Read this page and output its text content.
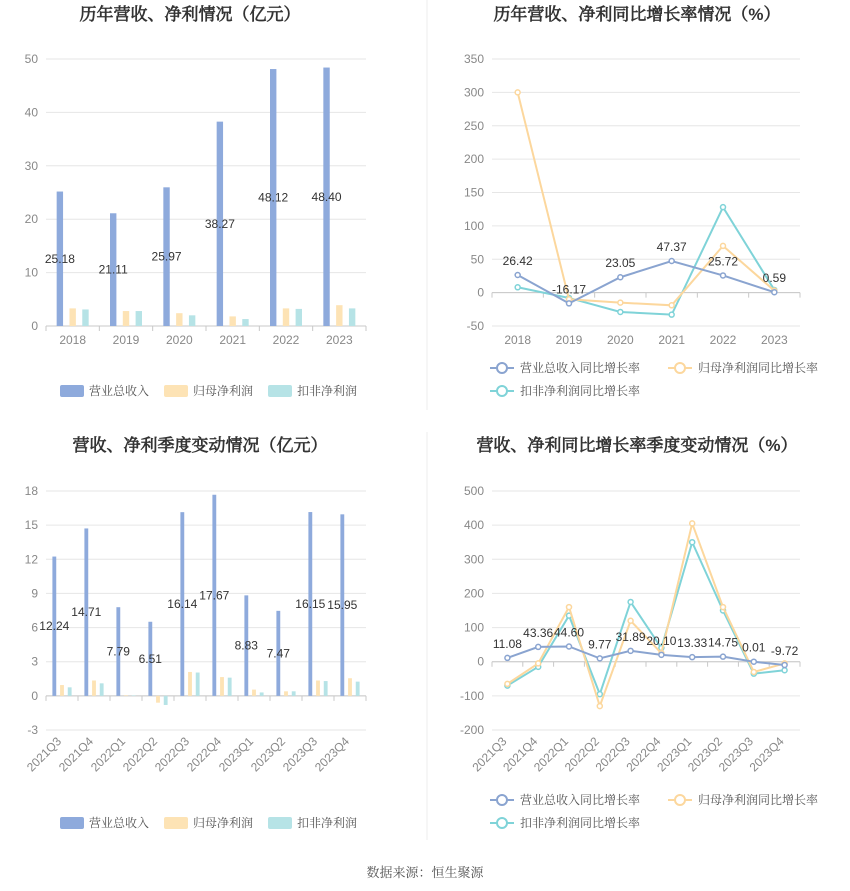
历年营收、净利情况（亿元）
0
10
20
30
40
50
2018 2019 2020 2021 2022 2023
25.18
21.11
25.97
38.27
48.12 48.40
营业总收入	归母净利润	扣非净利润
历年营收、净利同比增长率情况（%）
-50
0
50
100
150
200
250
300
350
2018 2019 2020 2021 2022 2023
26.42
-16.17
23.05
47.37
25.72
0.59
营业总收入同比增长率	归母净利润同比增长率
扣非净利润同比增长率
营收、净利季度变动情况（亿元）
-3
0
3
6
9
12
15
18
2021Q3
2021Q4
2022Q1
2022Q2
2022Q3
2022Q4
2023Q1
2023Q2
2023Q3
2023Q4
12.24
14.71
7.79
6.51
16.14
17.67
8.83
7.47
16.15 15.95
营业总收入	归母净利润	扣非净利润
营收、净利同比增长率季度变动情况（%）
-200
-100
0
100
200
300
400
500
2021Q3
2021Q4
2022Q1
2022Q2
2022Q3
2022Q4
2023Q1
2023Q2
2023Q3
2023Q4
11.08
43.36 44.60
9.77
31.89 20.10 13.33 14.75 0.01 -9.72
营业总收入同比增长率	归母净利润同比增长率
扣非净利润同比增长率
数据来源：恒生聚源
